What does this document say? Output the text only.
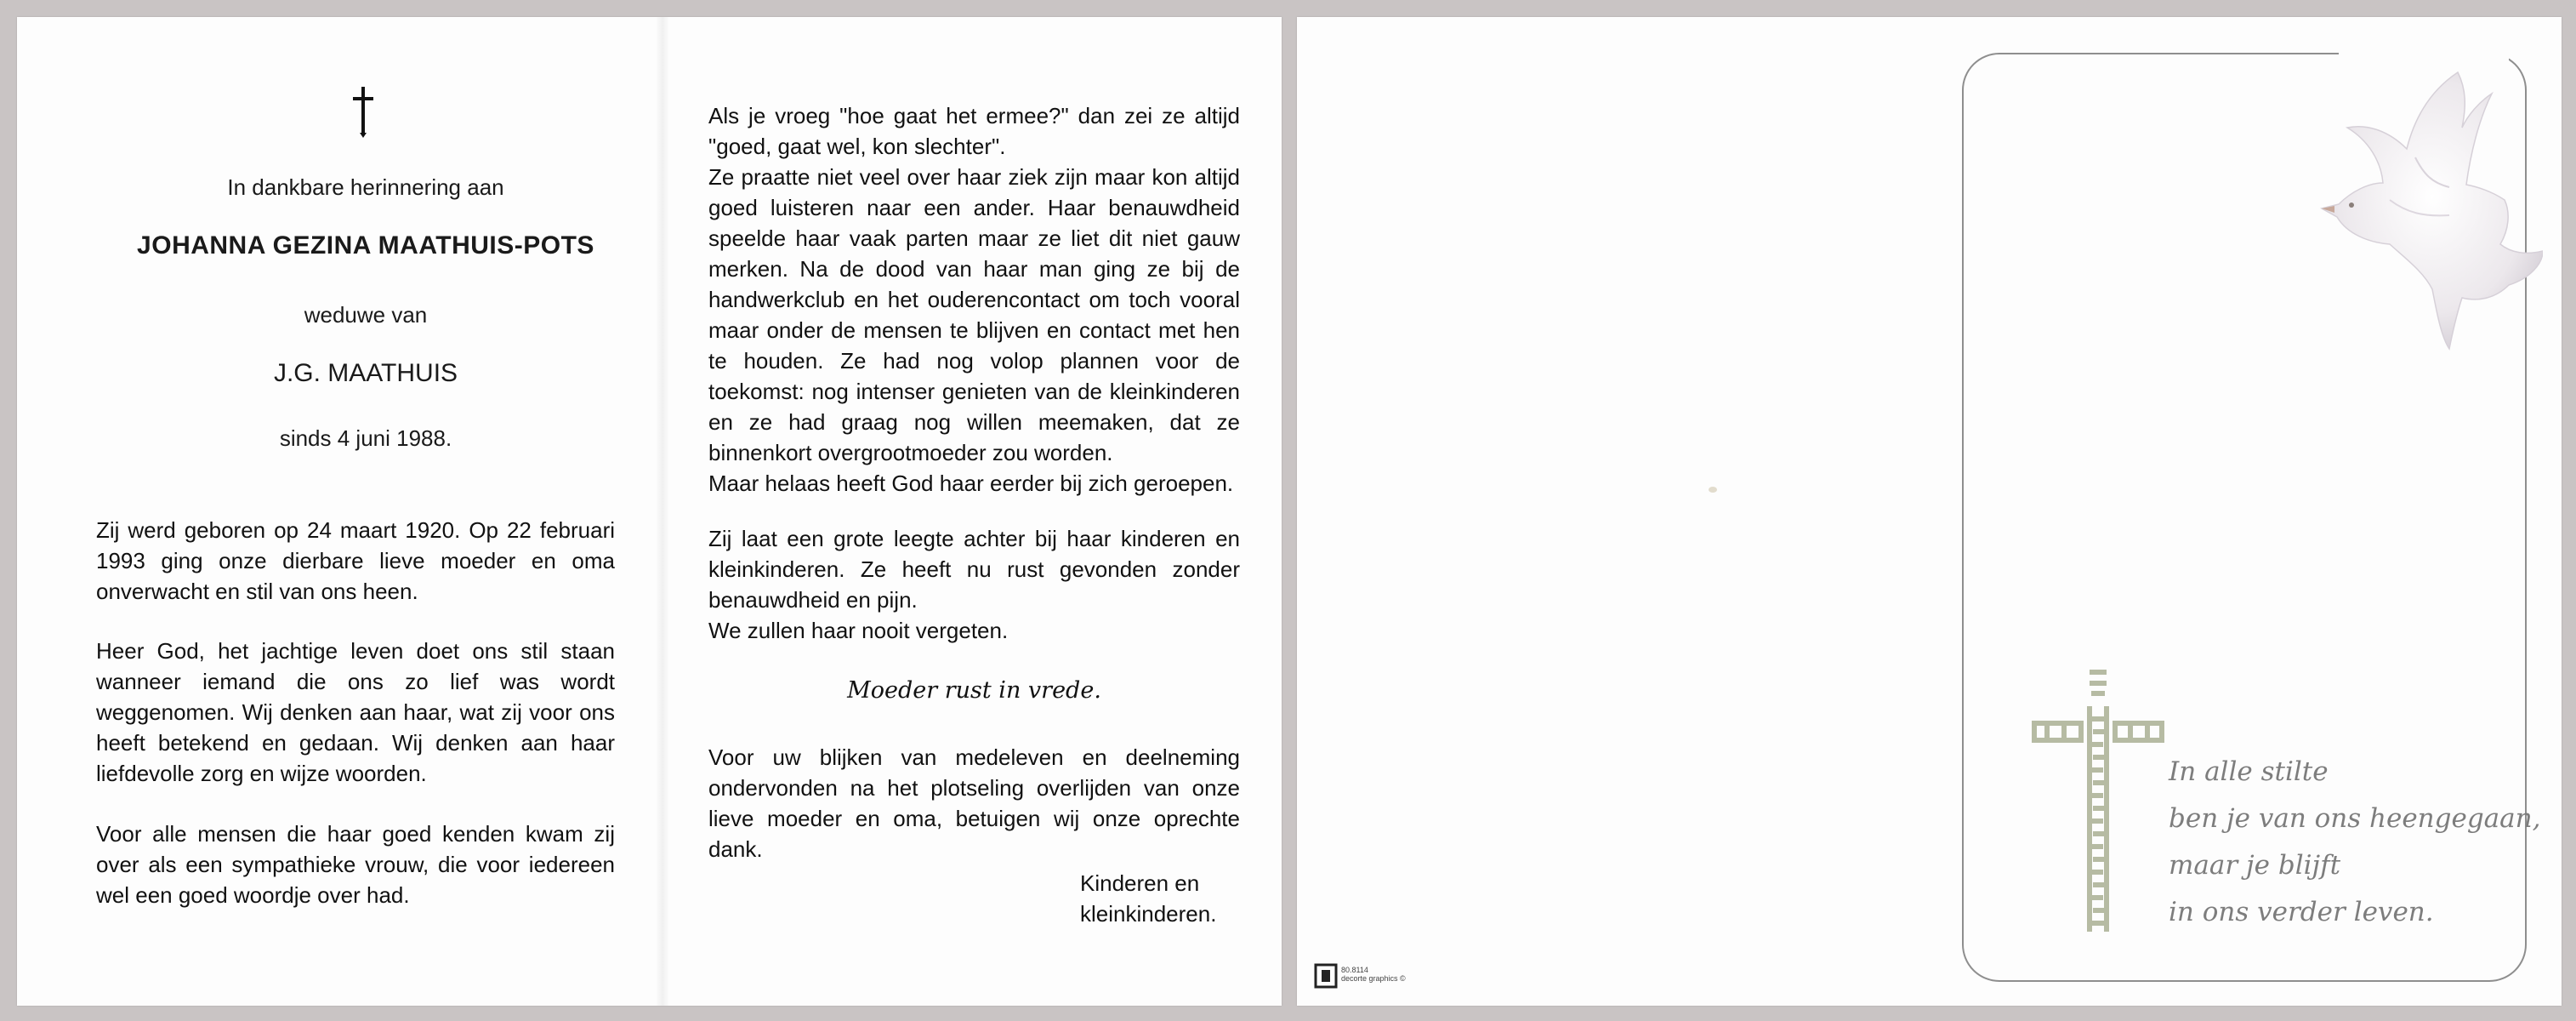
In dankbare herinnering aan
JOHANNA GEZINA MAATHUIS-POTS
weduwe van
J.G. MAATHUIS
sinds 4 juni 1988.

Zij werd geboren op 24 maart 1920. Op 22 februari 1993 ging onze dierbare lieve moeder en oma onverwacht en stil van ons heen.

Heer God, het jachtige leven doet ons stil staan wanneer iemand die ons zo lief was wordt weggenomen. Wij denken aan haar, wat zij voor ons heeft betekend en gedaan. Wij denken aan haar liefdevolle zorg en wijze woorden.

Voor alle mensen die haar goed kenden kwam zij over als een sympathieke vrouw, die voor iedereen wel een goed woordje over had.

Als je vroeg "hoe gaat het ermee?" dan zei ze altijd "goed, gaat wel, kon slechter".
Ze praatte niet veel over haar ziek zijn maar kon altijd goed luisteren naar een ander. Haar benauwdheid speelde haar vaak parten maar ze liet dit niet gauw merken. Na de dood van haar man ging ze bij de handwerkclub en het ouderencontact om toch vooral maar onder de mensen te blijven en contact met hen te houden. Ze had nog volop plannen voor de toekomst: nog intenser genieten van de kleinkinderen en ze had graag nog willen meemaken, dat ze binnenkort overgrootmoeder zou worden.
Maar helaas heeft God haar eerder bij zich geroepen.

Zij laat een grote leegte achter bij haar kinderen en kleinkinderen. Ze heeft nu rust gevonden zonder benauwdheid en pijn.
We zullen haar nooit vergeten.

Moeder rust in vrede.

Voor uw blijken van medeleven en deelneming ondervonden na het plotseling overlijden van onze lieve moeder en oma, betuigen wij onze oprechte dank.

Kinderen en
kleinkinderen.
In alle stilte
ben je van ons heengegaan,
maar je blijft
in ons verder leven.
80.8114
decorte graphics ©
